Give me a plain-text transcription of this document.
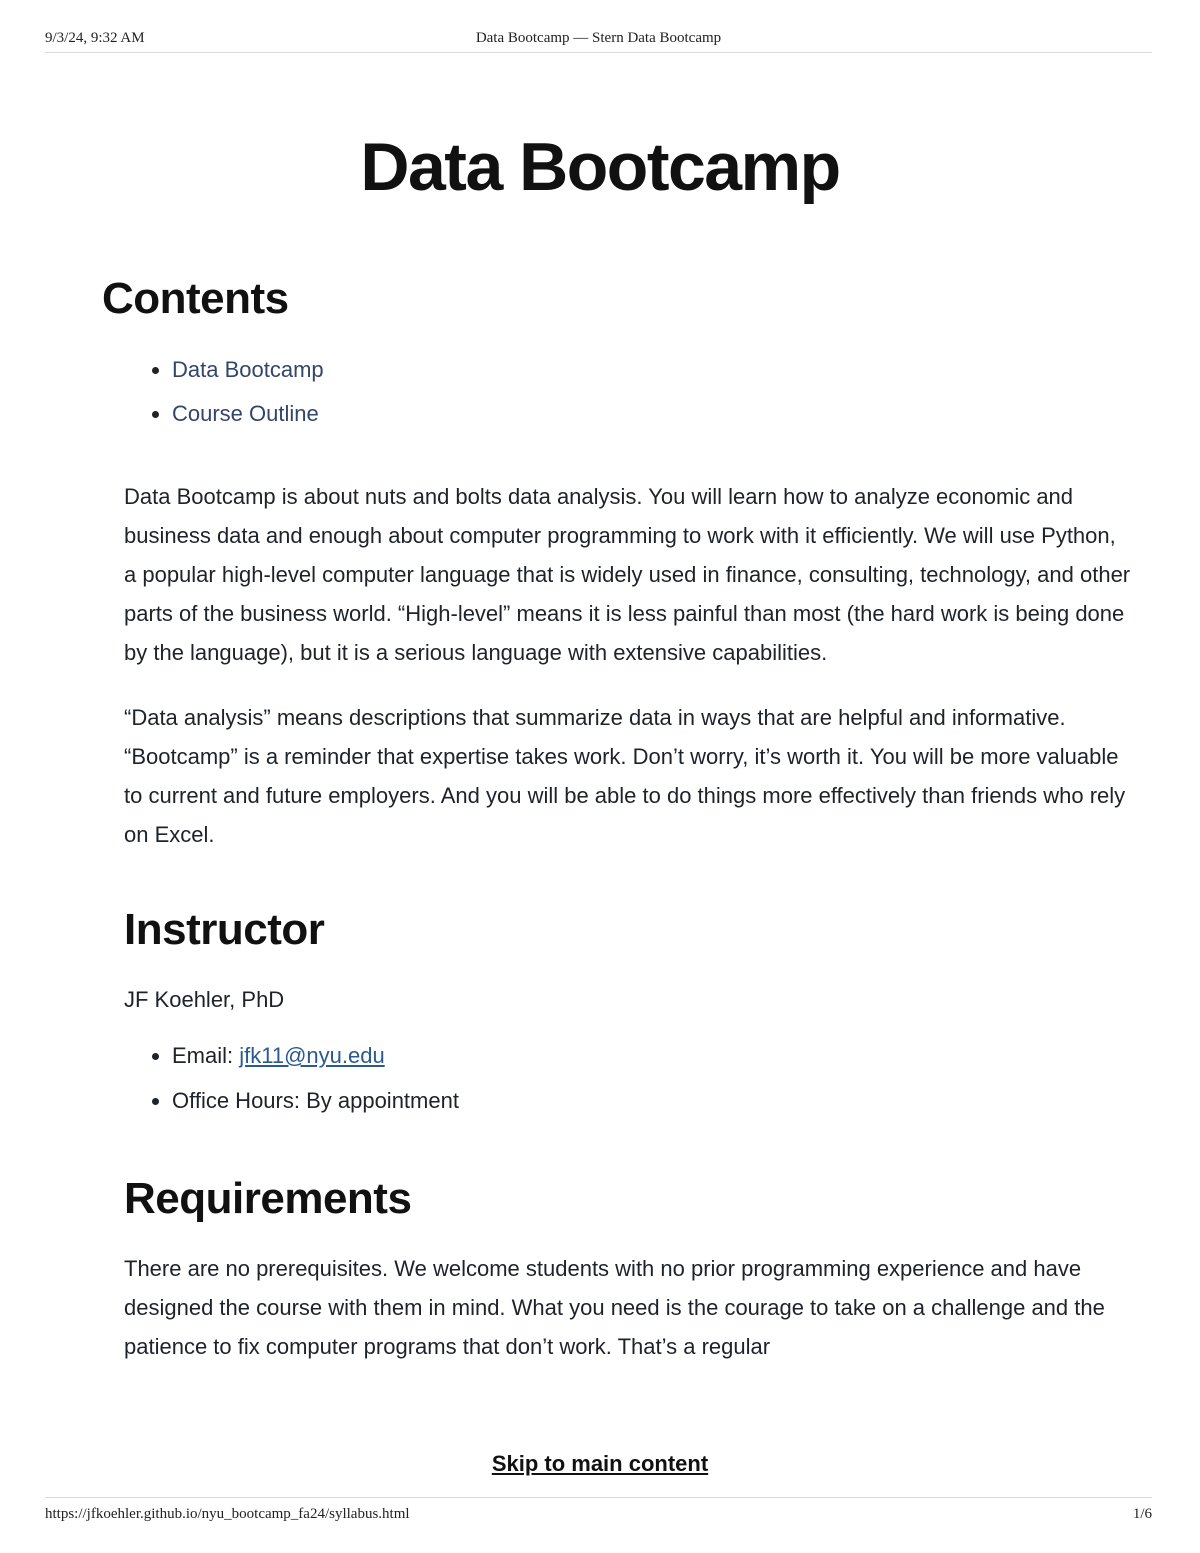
9/3/24, 9:32 AM	Data Bootcamp — Stern Data Bootcamp
Data Bootcamp
Contents
• Data Bootcamp
• Course Outline

Data Bootcamp is about nuts and bolts data analysis. You will learn how to analyze economic and business data and enough about computer programming to work with it efficiently. We will use Python, a popular high-level computer language that is widely used in finance, consulting, technology, and other parts of the business world. “High-level” means it is less painful than most (the hard work is being done by the language), but it is a serious language with extensive capabilities.

“Data analysis” means descriptions that summarize data in ways that are helpful and informative. “Bootcamp” is a reminder that expertise takes work. Don’t worry, it’s worth it. You will be more valuable to current and future employers. And you will be able to do things more effectively than friends who rely on Excel.

Instructor

JF Koehler, PhD

• Email: jfk11@nyu.edu
• Office Hours: By appointment
Requirements

There are no prerequisites. We welcome students with no prior programming experience and have designed the course with them in mind. What you need is the courage to take on a challenge and the patience to fix computer programs that don’t work. That’s a regular

Skip to main content
https://jfkoehler.github.io/nyu_bootcamp_fa24/syllabus.html	1/6
